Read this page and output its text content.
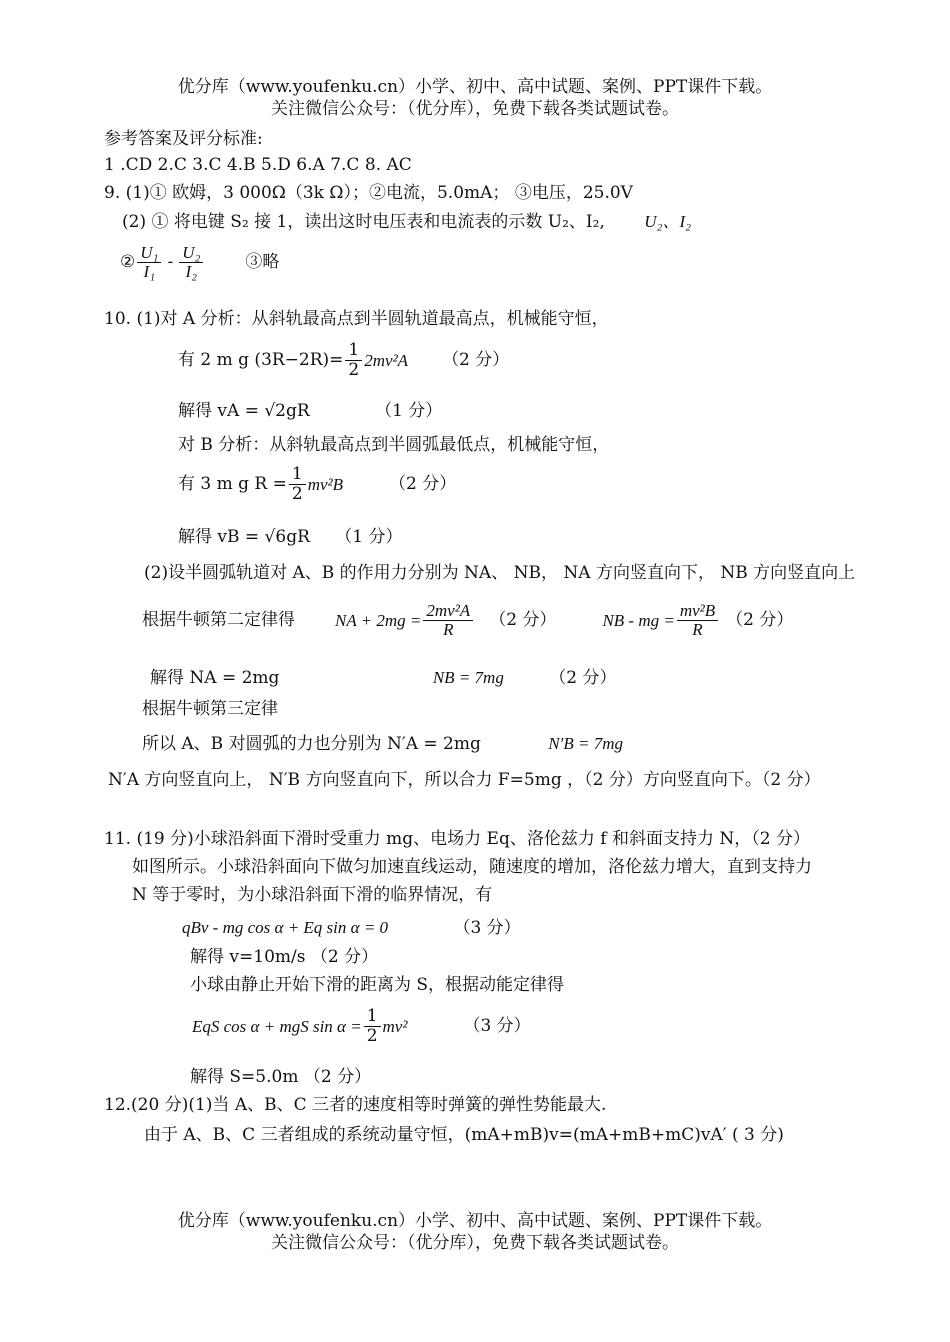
优分库（www.youfenku.cn）小学、初中、高中试题、案例、PPT课件下载。
关注微信公众号：（优分库），免费下载各类试题试卷。
参考答案及评分标准:
1 .CD 2.C 3.C 4.B 5.D 6.A 7.C 8. AC
9. (1)① 欧姆，3 000Ω（3k Ω）；②电流，5.0mA； ③电压，25.0V
(2) ① 将电键 S₂ 接 1，读出这时电压表和电流表的示数 U₂、I₂, U₂、I₂
② $\frac{\text{U₁}}{\text{I₁}} - \frac{\text{U₂}}{\text{I₂}}$ ③略
10. (1)对 A 分析：从斜轨最高点到半圆轨道最高点，机械能守恒，
有 2 m g $(3R-2R)= \frac{1}{2} 2mv^2A$ （2 分）
解得 vA = √2gR	（1 分）
对 B 分析：从斜轨最高点到半圆弧最低点，机械能守恒，
有 3 m g $R = \frac{1}{2} mv^2B$	（2 分）
解得 vB = √6gR （1 分）
(2)设半圆弧轨道对 A、B 的作用力分别为 NA、 NB， NA 方向竖直向下， NB 方向竖直向上
根据牛顿第二定律得 NA + $2mg = \frac{\text{2mv²A}}{R} (2$ 分）	NB - mg = $\frac{\text{mv²B}}{R} (2$ 分）
解得 NA = 2mg	NB = 7mg	（2 分）
根据牛顿第三定律
所以 A、B 对圆弧的力也分别为 N′A = 2mg	N′B = 7mg
N′A 方向竖直向上， N′B 方向竖直向下，所以合力 F=5mg ，（2 分）方向竖直向下。（2 分）
11. (19 分)小球沿斜面下滑时受重力 mg、电场力 Eq、洛伦兹力 f 和斜面支持力 N，（2 分）
如图所示。小球沿斜面向下做匀加速直线运动，随速度的增加，洛伦兹力增大，直到支持力
N 等于零时，为小球沿斜面下滑的临界情况，有
qBv - mg cos α + Eq sin α = 0	（3 分）
解得 v=10m/s （2 分）
小球由静止开始下滑的距离为 S，根据动能定律得
EqS cos α + mgS $\sin \alpha = \frac{1}{2} mv^2$	（3 分）
解得 S=5.0m （2 分）
12.(20 分)(1)当 A、B、C 三者的速度相等时弹簧的弹性势能最大.
由于 A、B、C 三者组成的系统动量守恒，(mA+mB)v=(mA+mB+mC)vA′ ( 3 分)
优分库（www.youfenku.cn）小学、初中、高中试题、案例、PPT课件下载。
关注微信公众号：（优分库），免费下载各类试题试卷。
